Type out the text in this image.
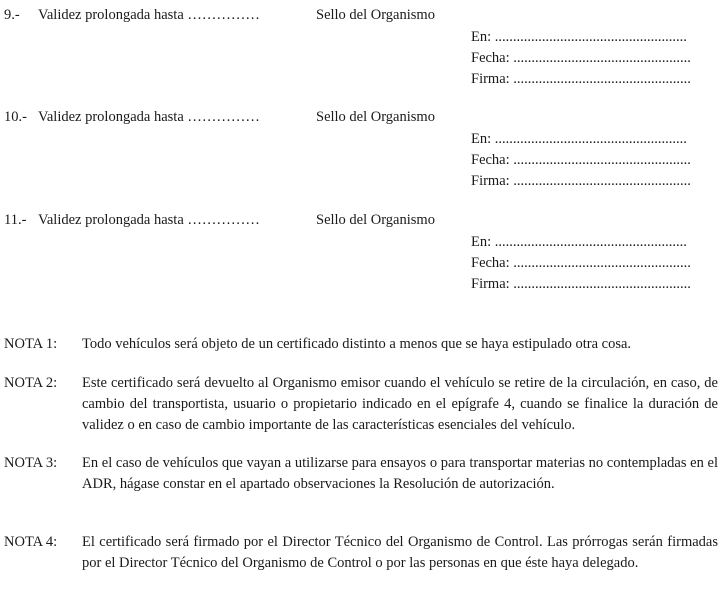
9.- Validez prolongada hasta ……………	Sello del Organismo
En: .....................................................
Fecha: .................................................
Firma: .................................................
10.- Validez prolongada hasta ……………	Sello del Organismo
En: .....................................................
Fecha: .................................................
Firma: .................................................
11.- Validez prolongada hasta ……………	Sello del Organismo
En: .....................................................
Fecha: .................................................
Firma: .................................................
NOTA 1: Todo vehículos será objeto de un certificado distinto a menos que se haya estipulado otra cosa.
NOTA 2: Este certificado será devuelto al Organismo emisor cuando el vehículo se retire de la circulación, en caso, de cambio del transportista, usuario o propietario indicado en el epígrafe 4, cuando se finalice la duración de validez o en caso de cambio importante de las características esenciales del vehículo.
NOTA 3: En el caso de vehículos que vayan a utilizarse para ensayos o para transportar materias no contempladas en el ADR, hágase constar en el apartado observaciones la Resolución de autorización.
NOTA 4: El certificado será firmado por el Director Técnico del Organismo de Control. Las prórrogas serán firmadas por el Director Técnico del Organismo de Control o por las personas en que éste haya delegado.
